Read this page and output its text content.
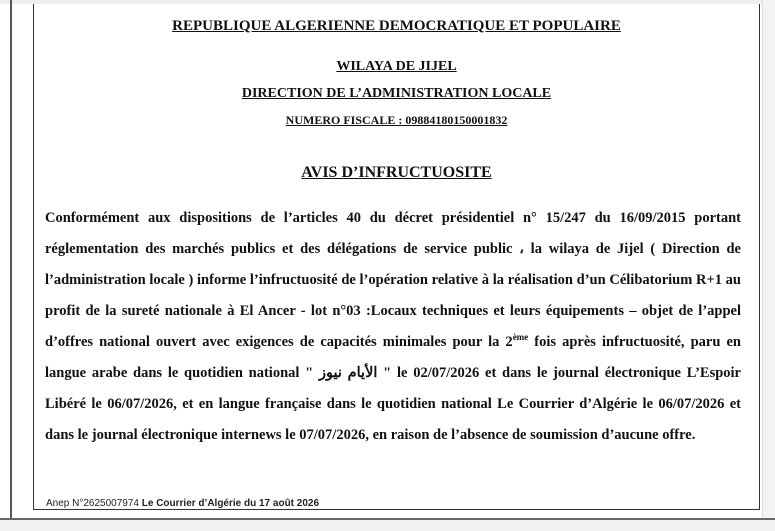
REPUBLIQUE ALGERIENNE DEMOCRATIQUE ET POPULAIRE
WILAYA DE JIJEL
DIRECTION DE L’ADMINISTRATION LOCALE
NUMERO FISCALE : 09884180150001832
AVIS D’INFRUCTUOSITE
Conformément aux dispositions de l’articles 40 du décret présidentiel n° 15/247 du 16/09/2015 portant réglementation des marchés publics et des délégations de service public ، la wilaya de Jijel ( Direction de l’administration locale ) informe l’infructuosité de l’opération relative à la réalisation d’un Célibatorium R+1 au profit de la sureté nationale à El Ancer - lot n°03 :Locaux techniques et leurs équipements – objet de l’appel d’offres national ouvert avec exigences de capacités minimales pour la 2ème fois après infructuosité, paru en langue arabe dans le quotidien national " الأيام نيوز " le 02/07/2026 et dans le journal électronique L’Espoir Libéré le 06/07/2026, et en langue française dans le quotidien national Le Courrier d’Algérie le 06/07/2026 et dans le journal électronique internews le 07/07/2026, en raison de l’absence de soumission d’aucune offre.
Anep N°2625007974 Le Courrier d’Algérie du 17 août 2026
